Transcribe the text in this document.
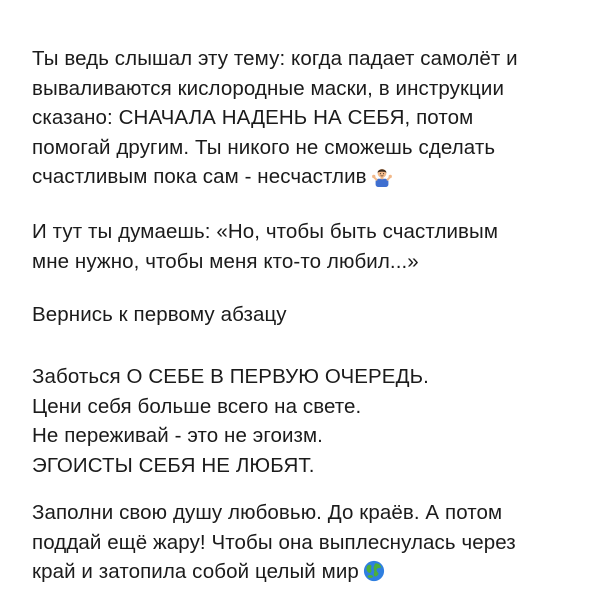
Ты ведь слышал эту тему: когда падает самолёт и
вываливаются кислородные маски, в инструкции
сказано: СНАЧАЛА НАДЕНЬ НА СЕБЯ, потом
помогай другим. Ты никого не сможешь сделать
счастливым пока сам - несчастлив
И тут ты думаешь: «Но, чтобы быть счастливым
мне нужно, чтобы меня кто-то любил...»
Вернись к первому абзацу
Заботься О СЕБЕ В ПЕРВУЮ ОЧЕРЕДЬ.
Цени себя больше всего на свете.
Не переживай - это не эгоизм.
ЭГОИСТЫ СЕБЯ НЕ ЛЮБЯТ.
Заполни свою душу любовью. До краёв. А потом
поддай ещё жару! Чтобы она выплеснулась через
край и затопила собой целый мир
